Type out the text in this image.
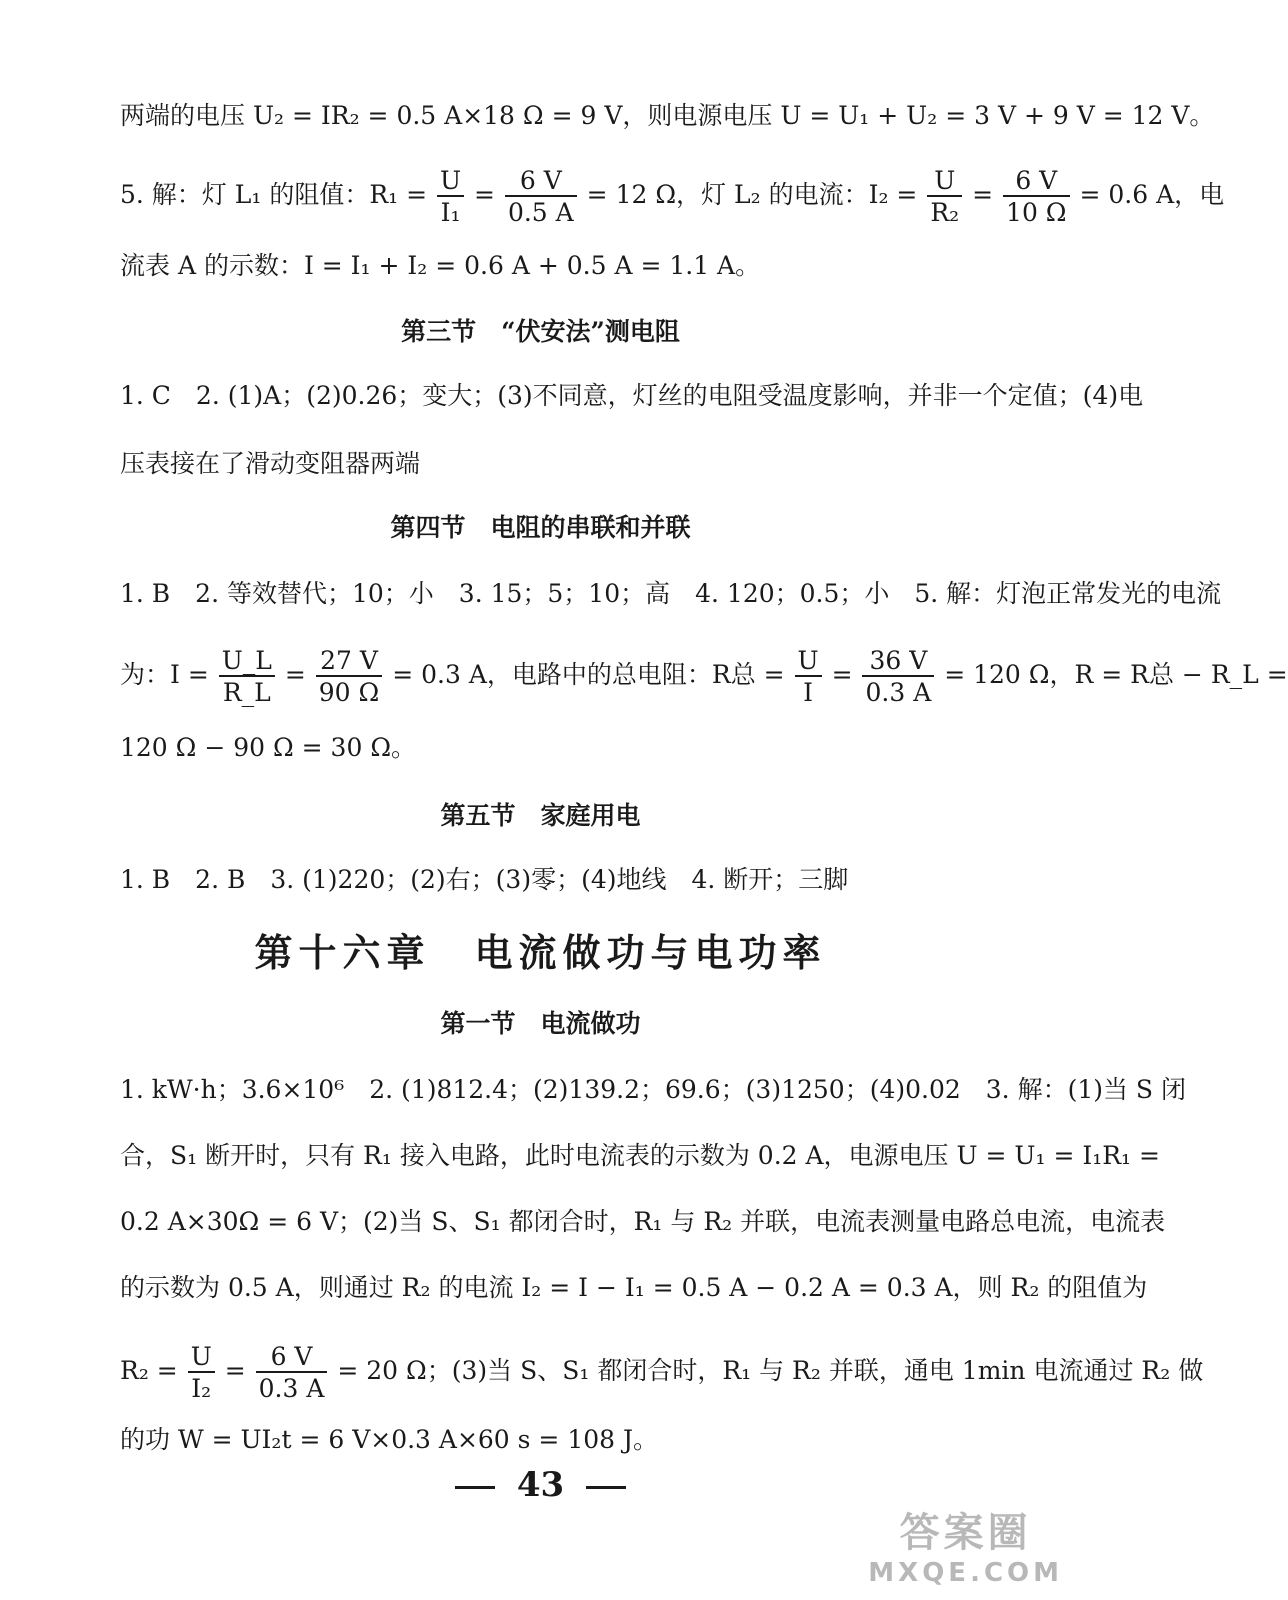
两端的电压 U₂ = IR₂ = 0.5 A×18 Ω = 9 V，则电源电压 U = U₁ + U₂ = 3 V + 9 V = 12 V。
5. 解：灯 L₁ 的阻值：$R_1 = \frac{U}{\text{I₁}} = \frac{6 V}{0.5 A} = 12$ Ω，灯 L₂ 的电流：$I_2 = \frac{U}{\text{R₂}} = \frac{6 V}{10 \Omega} = 0.6$ A，电
流表 A 的示数：I = I₁ + I₂ = 0.6 A + 0.5 A = 1.1 A。
第三节　“伏安法”测电阻
1. C　2. (1)A；(2)0.26；变大；(3)不同意，灯丝的电阻受温度影响，并非一个定值；(4)电
压表接在了滑动变阻器两端
第四节　电阻的串联和并联
1. B　2. 等效替代；10；小　3. 15；5；10；高　4. 120；0.5；小　5. 解：灯泡正常发光的电流
为：$I = \frac{U\_L}{R\_L} = \frac{27 V}{90 \Omega} = 0.3$ A，电路中的总电阻：R总 = $\frac{U}{I} = \frac{36 V}{0.3 A} = 120$ Ω，R = R总 − R_L =
120 Ω − 90 Ω = 30 Ω。
第五节　家庭用电
1. B　2. B　3. (1)220；(2)右；(3)零；(4)地线　4. 断开；三脚
第十六章　电流做功与电功率
第一节　电流做功
1. kW·h；3.6×10⁶　2. (1)812.4；(2)139.2；69.6；(3)1250；(4)0.02　3. 解：(1)当 S 闭
合，S₁ 断开时，只有 R₁ 接入电路，此时电流表的示数为 0.2 A，电源电压 U = U₁ = I₁R₁ =
0.2 A×30Ω = 6 V；(2)当 S、S₁ 都闭合时，R₁ 与 R₂ 并联，电流表测量电路总电流，电流表
的示数为 0.5 A，则通过 R₂ 的电流 I₂ = I − I₁ = 0.5 A − 0.2 A = 0.3 A，则 R₂ 的阻值为
$R_2 = \frac{U}{\text{I₂}} = \frac{6 V}{0.3 A} = 20$ Ω；(3)当 S、S₁ 都闭合时，R₁ 与 R₂ 并联，通电 1min 电流通过 R₂ 做
的功 W = UI₂t = 6 V×0.3 A×60 s = 108 J。
43
答案圈
MXQE.COM
